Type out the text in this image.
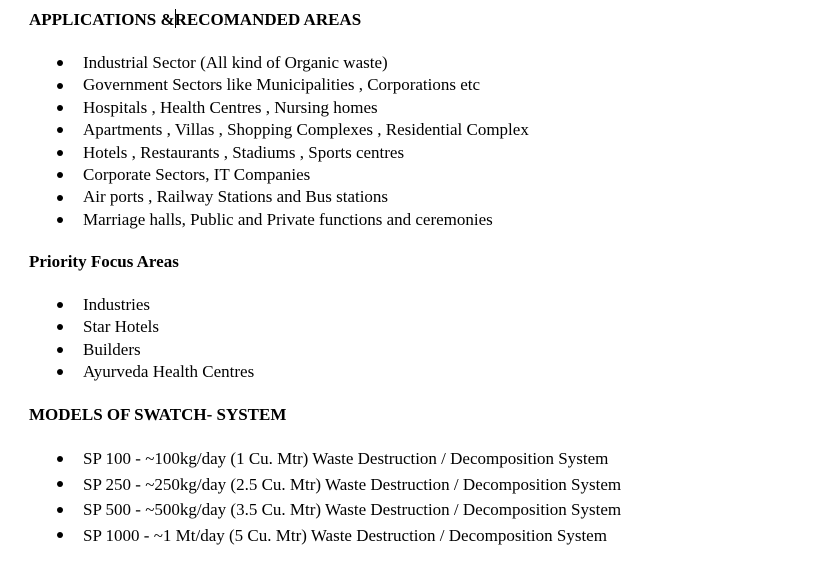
APPLICATIONS &RECOMANDED AREAS
Industrial Sector (All kind of Organic waste)
Government Sectors like Municipalities , Corporations etc
Hospitals , Health Centres , Nursing homes
Apartments , Villas , Shopping Complexes , Residential Complex
Hotels , Restaurants , Stadiums , Sports centres
Corporate Sectors, IT Companies
Air ports , Railway Stations and Bus stations
Marriage halls, Public and Private functions and ceremonies
Priority Focus Areas
Industries
Star Hotels
Builders
Ayurveda Health Centres
MODELS OF SWATCH- SYSTEM
SP 100 - ~100kg/day (1 Cu. Mtr) Waste Destruction / Decomposition System
SP 250 - ~250kg/day (2.5 Cu. Mtr) Waste Destruction / Decomposition System
SP 500 - ~500kg/day (3.5 Cu. Mtr) Waste Destruction / Decomposition System
SP 1000 - ~1 Mt/day (5 Cu. Mtr) Waste Destruction / Decomposition System
